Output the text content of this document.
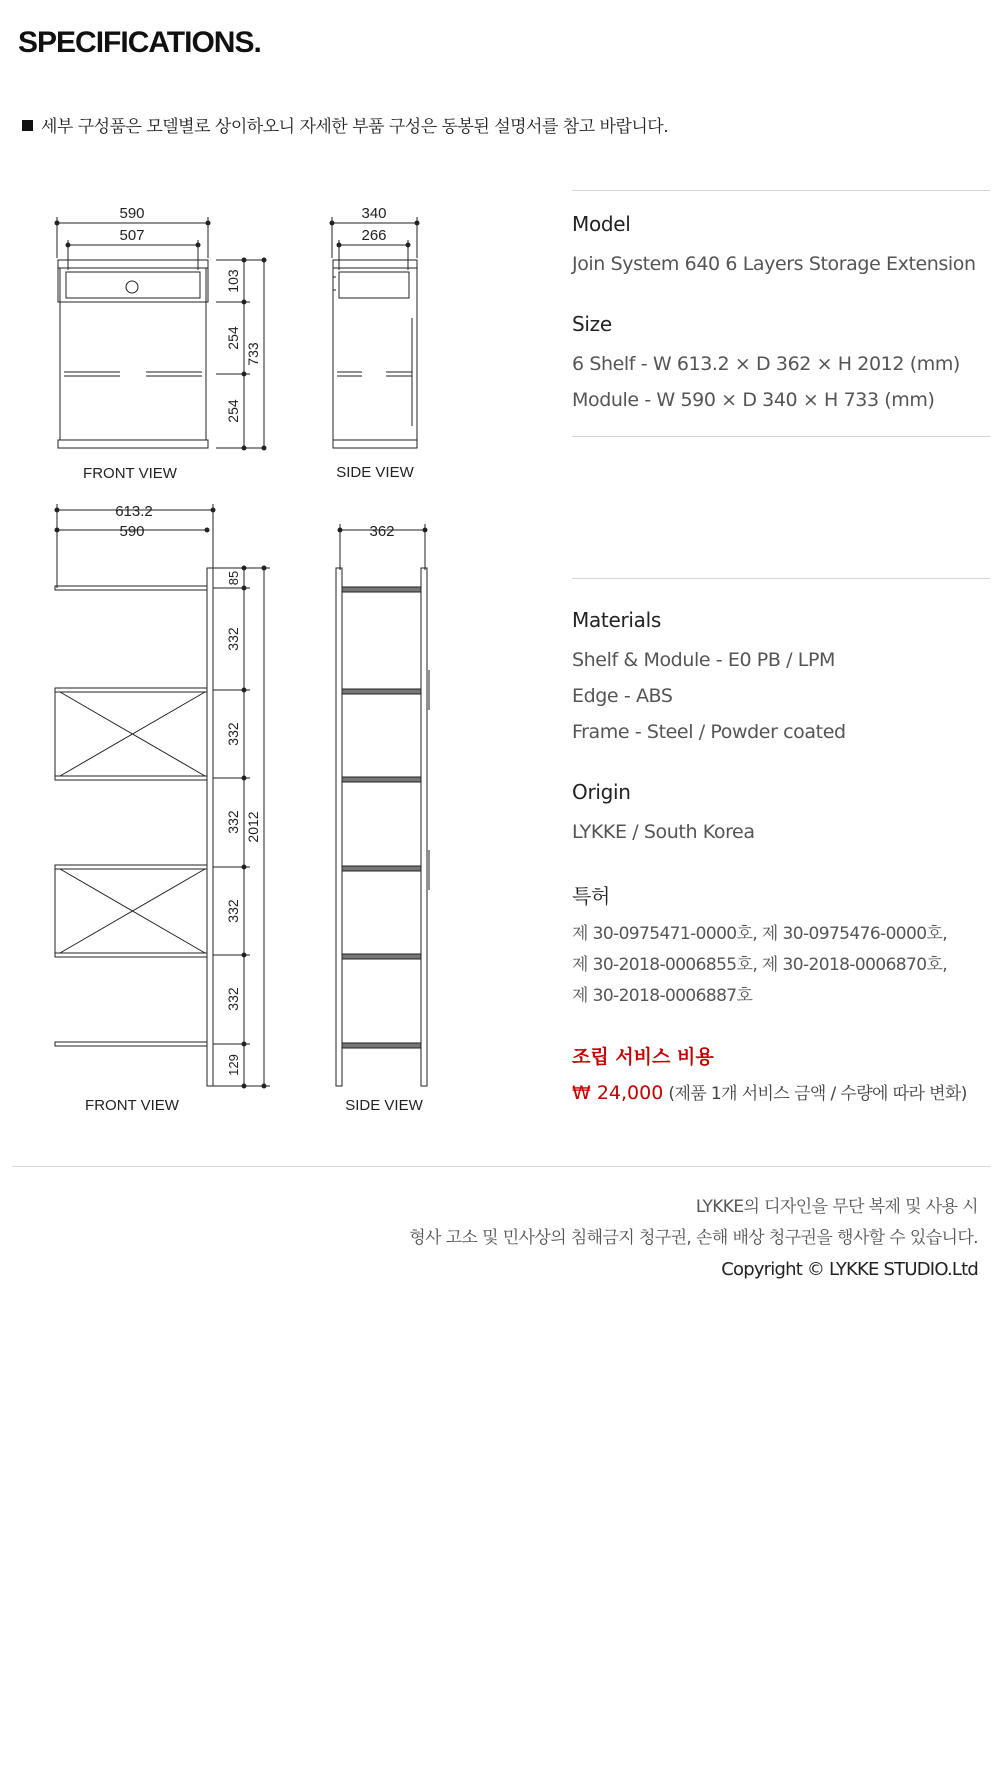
SPECIFICATIONS.
세부 구성품은 모델별로 상이하오니 자세한 부품 구성은 동봉된 설명서를 참고 바랍니다.
590
507
103
254
254
733
FRONT VIEW
340
266
SIDE VIEW
613.2
590
85
332
332
332
332
332
129
2012
FRONT VIEW
362
SIDE VIEW
Model
Join System 640 6 Layers Storage Extension
Size
6 Shelf - W 613.2 × D 362 × H 2012 (mm)
Module - W 590 × D 340 × H 733 (mm)
Materials
Shelf & Module - E0 PB / LPM
Edge - ABS
Frame - Steel / Powder coated
Origin
LYKKE / South Korea
특허
제 30-0975471-0000호, 제 30-0975476-0000호,
제 30-2018-0006855호, 제 30-2018-0006870호,
제 30-2018-0006887호
조립 서비스 비용
₩ 24,000 (제품 1개 서비스 금액 / 수량에 따라 변화)
LYKKE의 디자인을 무단 복제 및 사용 시
형사 고소 및 민사상의 침해금지 청구권, 손해 배상 청구권을 행사할 수 있습니다.
Copyright © LYKKE STUDIO.Ltd
